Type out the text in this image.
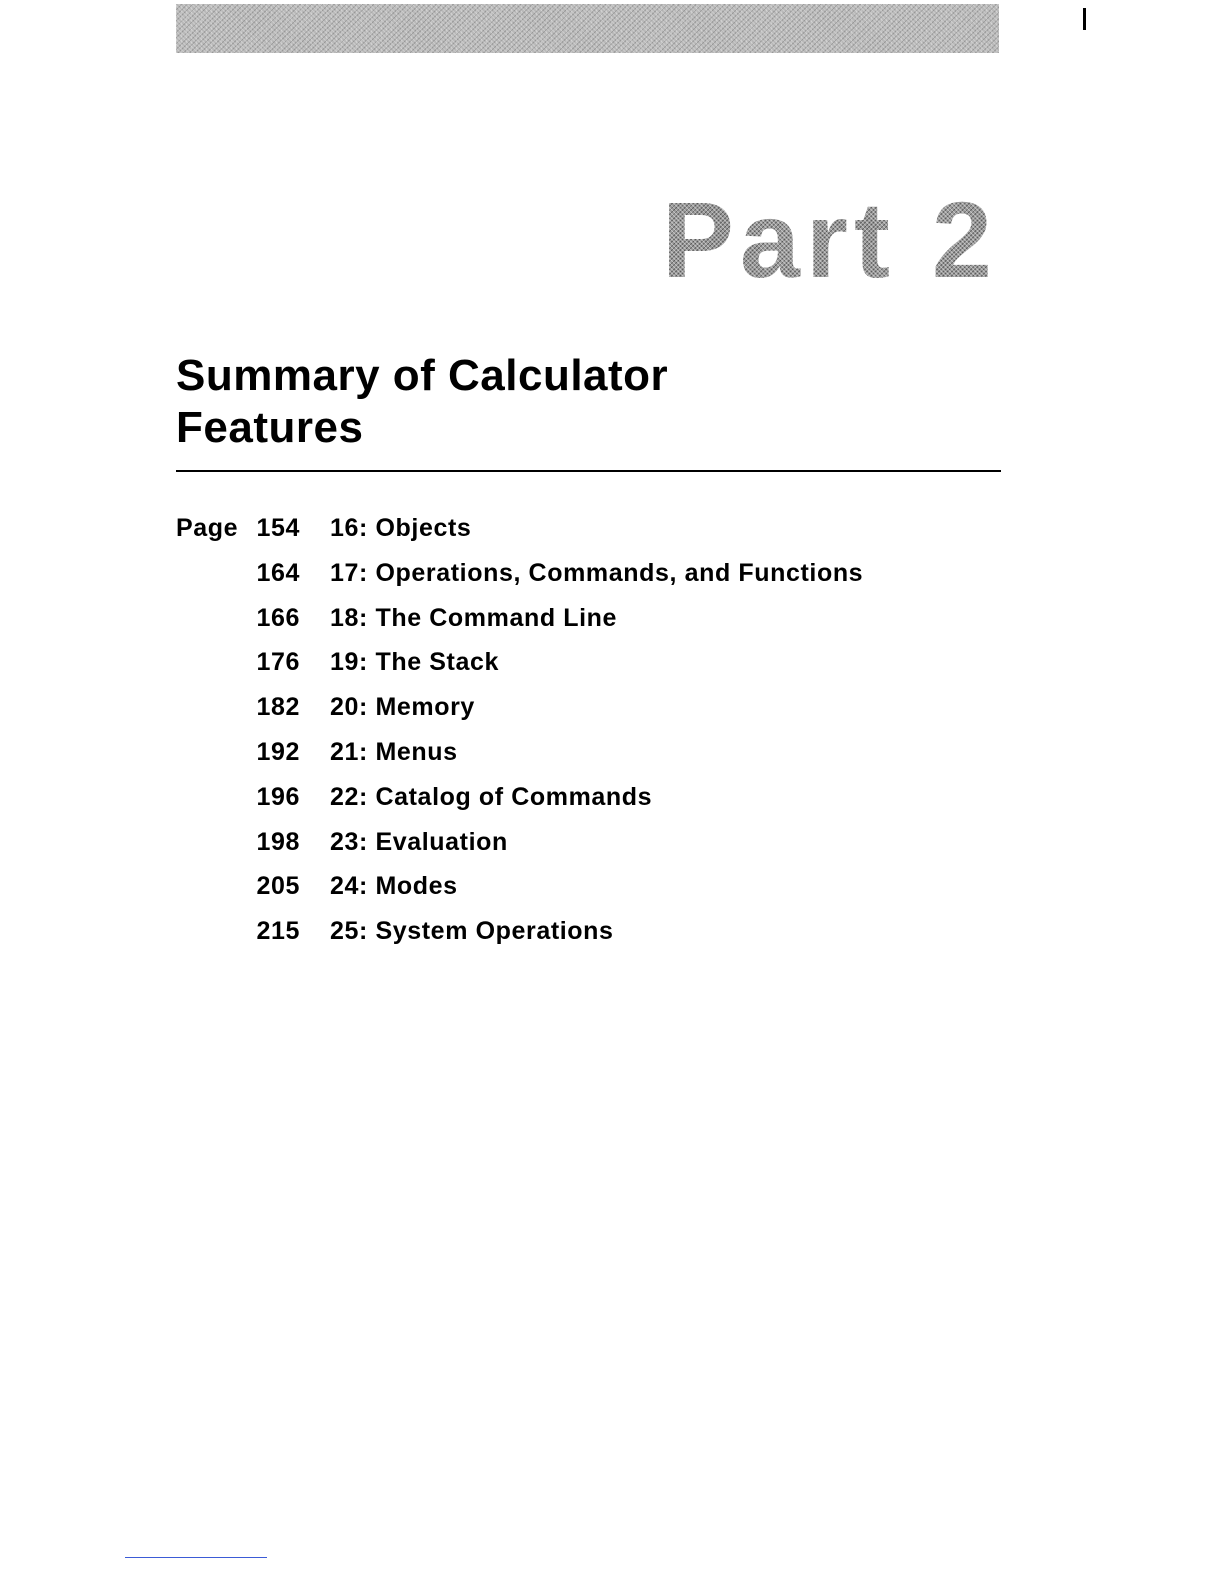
Part 2
Summary of Calculator
Features
Page 154 16: Objects
164 17: Operations, Commands, and Functions
166 18: The Command Line
176 19: The Stack
182 20: Memory
192 21: Menus
196 22: Catalog of Commands
198 23: Evaluation
205 24: Modes
215 25: System Operations
